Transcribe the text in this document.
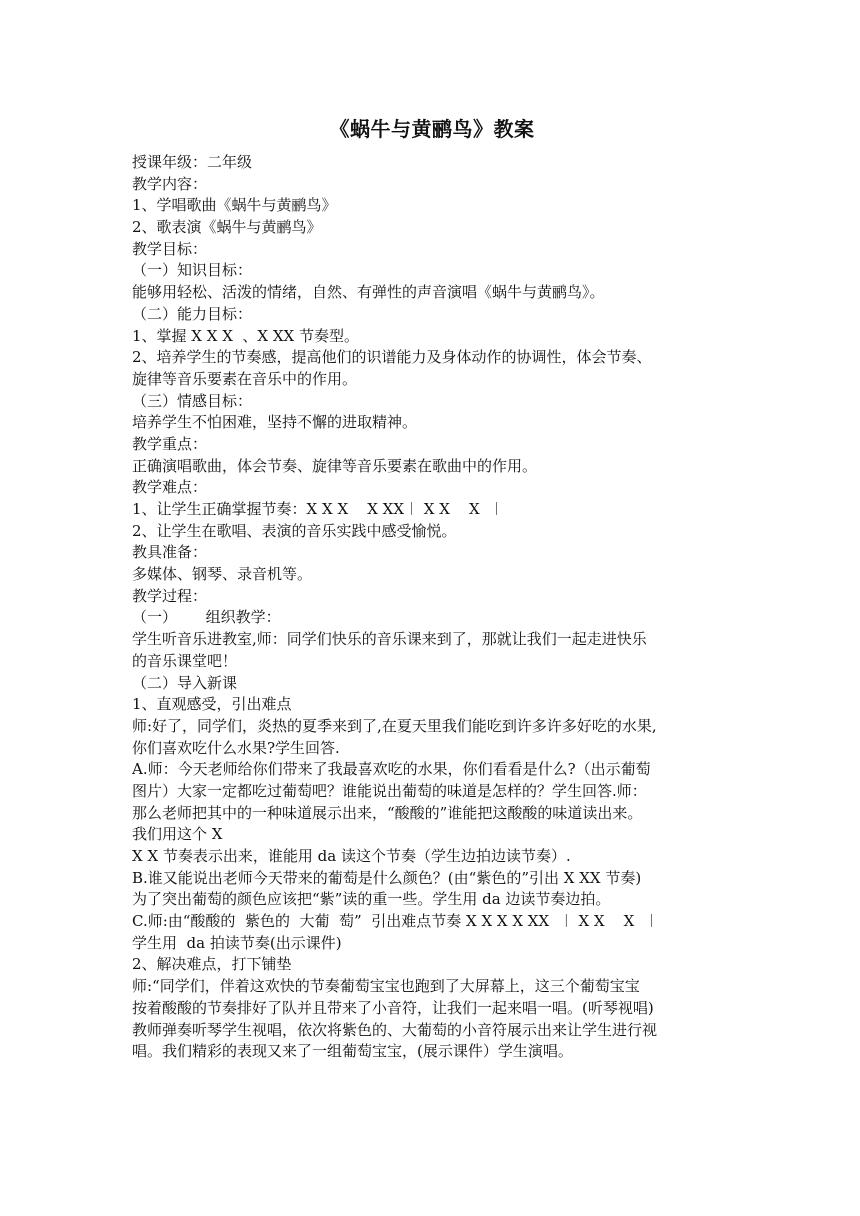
《蜗牛与黄鹂鸟》教案
授课年级：二年级
教学内容：
1、学唱歌曲《蜗牛与黄鹂鸟》
2、歌表演《蜗牛与黄鹂鸟》
教学目标：
（一）知识目标：
能够用轻松、活泼的情绪，自然、有弹性的声音演唱《蜗牛与黄鹂鸟》。
（二）能力目标：
1、掌握 X X X  、X XX 节奏型。
2、培养学生的节奏感，提高他们的识谱能力及身体动作的协调性，体会节奏、
旋律等音乐要素在音乐中的作用。
（三）情感目标：
培养学生不怕困难，坚持不懈的进取精神。
教学重点：
正确演唱歌曲，体会节奏、旋律等音乐要素在歌曲中的作用。
教学难点：
1、让学生正确掌握节奏：X X X    X XX︱ X X    X  ︱
2、让学生在歌唱、表演的音乐实践中感受愉悦。
教具准备：
多媒体、钢琴、录音机等。
教学过程：
（一）      组织教学：
学生听音乐进教室,师：同学们快乐的音乐课来到了，那就让我们一起走进快乐
的音乐课堂吧！
（二）导入新课
1、直观感受，引出难点
师:好了，同学们，炎热的夏季来到了,在夏天里我们能吃到许多许多好吃的水果,
你们喜欢吃什么水果?学生回答.
A.师：今天老师给你们带来了我最喜欢吃的水果，你们看看是什么?（出示葡萄
图片）大家一定都吃过葡萄吧？谁能说出葡萄的味道是怎样的？学生回答.师：
那么老师把其中的一种味道展示出来，“酸酸的”谁能把这酸酸的味道读出来。
我们用这个 X
X X 节奏表示出来，谁能用 da 读这个节奏（学生边拍边读节奏）.
B.谁又能说出老师今天带来的葡萄是什么颜色？(由“紫色的”引出 X XX 节奏)
为了突出葡萄的颜色应该把“紫”读的重一些。学生用 da 边读节奏边拍。
C.师:由“酸酸的  紫色的  大葡  萄”  引出难点节奏 X X X X XX  ︱ X X    X  ︱
学生用  da 拍读节奏(出示课件)
2、解决难点，打下铺垫
师:“同学们，伴着这欢快的节奏葡萄宝宝也跑到了大屏幕上，这三个葡萄宝宝
按着酸酸的节奏排好了队并且带来了小音符，让我们一起来唱一唱。(听琴视唱)
教师弹奏听琴学生视唱，依次将紫色的、大葡萄的小音符展示出来让学生进行视
唱。我们精彩的表现又来了一组葡萄宝宝，(展示课件）学生演唱。
